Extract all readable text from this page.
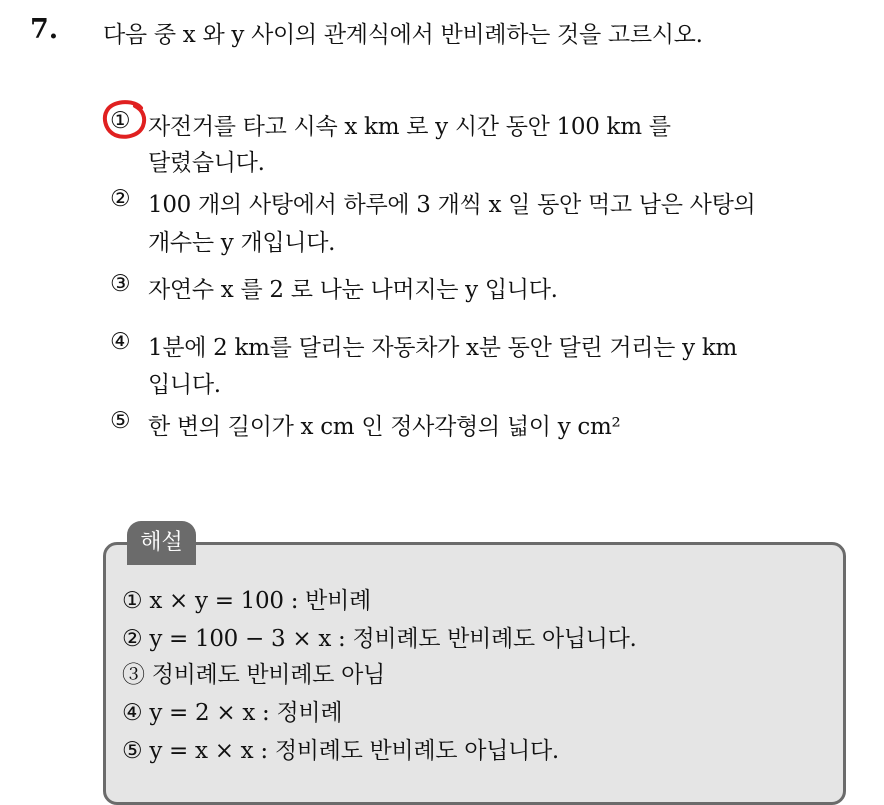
7. 다음 중 x 와 y 사이의 관계식에서 반비례하는 것을 고르시오.
① 자전거를 타고 시속 x km 로 y 시간 동안 100 km 를
달렸습니다.
② 100 개의 사탕에서 하루에 3 개씩 x 일 동안 먹고 남은 사탕의
개수는 y 개입니다.
③ 자연수 x 를 2 로 나눈 나머지는 y 입니다.
④ 1분에 2 km를 달리는 자동차가 x분 동안 달린 거리는 y km
입니다.
⑤ 한 변의 길이가 x cm 인 정사각형의 넓이 y cm²
해설
① x × y = 100 : 반비례
② y = 100 − 3 × x : 정비례도 반비례도 아닙니다.
③ 정비례도 반비례도 아님
④ y = 2 × x : 정비례
⑤ y = x × x : 정비례도 반비례도 아닙니다.
